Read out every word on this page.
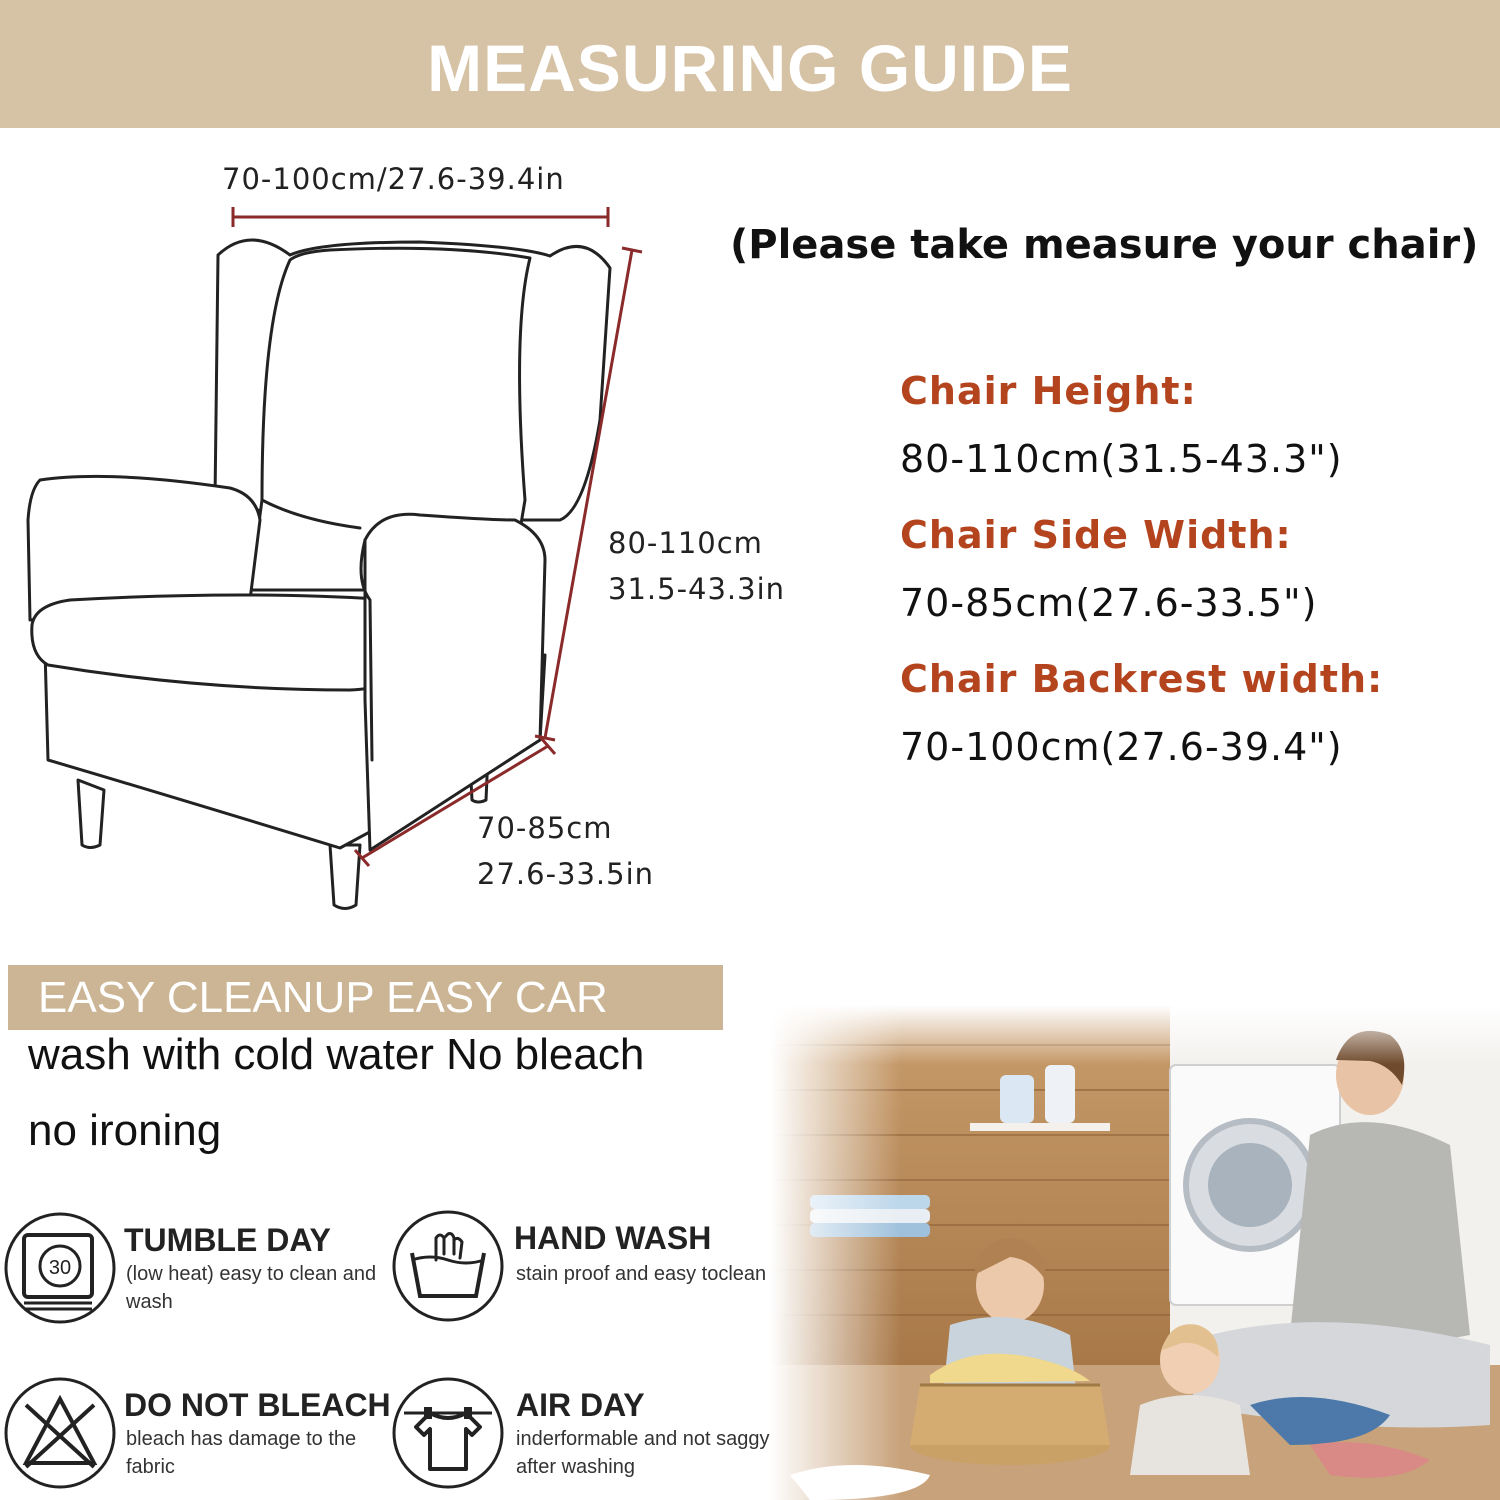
MEASURING GUIDE
70-100cm/27.6-39.4in
80-110cm
31.5-43.3in
70-85cm
27.6-33.5in
(Please take measure your chair)
Chair Height:
80-110cm(31.5-43.3")
Chair Side Width:
70-85cm(27.6-33.5")
Chair Backrest width:
70-100cm(27.6-39.4")
EASY CLEANUP EASY CAR
wash with cold water No bleach
no ironing
30
TUMBLE DAY
(low heat) easy to clean and wash
HAND WASH
stain proof and easy toclean
DO NOT BLEACH
bleach has damage to the fabric
AIR DAY
inderformable and not saggy after washing
